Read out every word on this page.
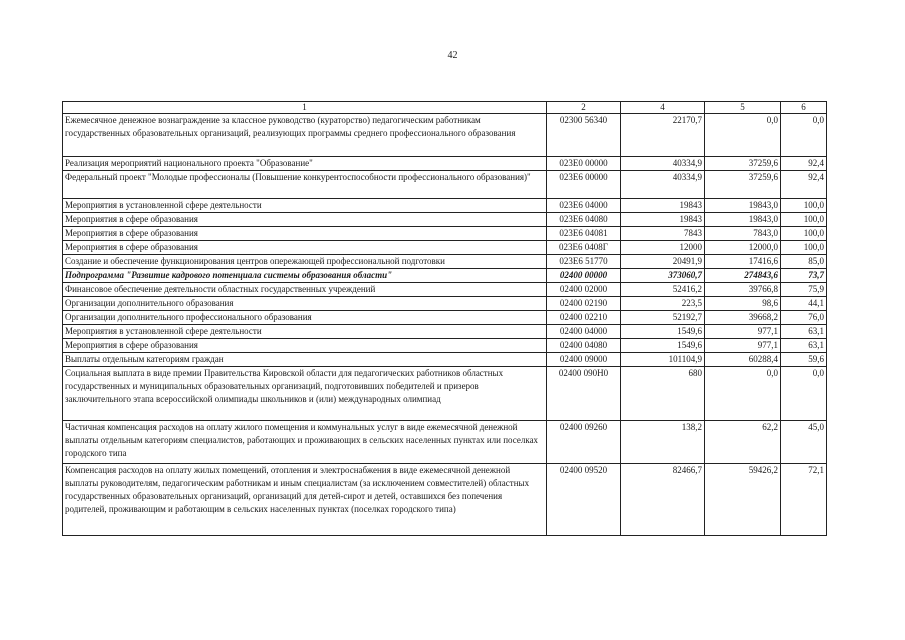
42
1	2	4	5	6
Ежемесячное денежное вознаграждение за классное руководство (кураторство) педагогическим работникам государственных образовательных организаций, реализующих программы среднего профессионального образования	02300 56340	22170,7	0,0	0,0
Реализация мероприятий национального проекта "Образование"	023Е0 00000	40334,9	37259,6	92,4
Федеральный проект "Молодые профессионалы (Повышение конкурентоспособности профессионального образования)"	023Е6 00000	40334,9	37259,6	92,4
Мероприятия в установленной сфере деятельности	023Е6 04000	19843	19843,0	100,0
Мероприятия в сфере образования	023Е6 04080	19843	19843,0	100,0
Мероприятия в сфере образования	023Е6 04081	7843	7843,0	100,0
Мероприятия в сфере образования	023Е6 0408Г	12000	12000,0	100,0
Создание и обеспечение функционирования центров опережающей профессиональной подготовки	023Е6 51770	20491,9	17416,6	85,0
Подпрограмма "Развитие кадрового потенциала системы образования области"	02400 00000	373060,7	274843,6	73,7
Финансовое обеспечение деятельности областных государственных учреждений	02400 02000	52416,2	39766,8	75,9
Организации дополнительного образования	02400 02190	223,5	98,6	44,1
Организации дополнительного профессионального образования	02400 02210	52192,7	39668,2	76,0
Мероприятия в установленной сфере деятельности	02400 04000	1549,6	977,1	63,1
Мероприятия в сфере образования	02400 04080	1549,6	977,1	63,1
Выплаты отдельным категориям граждан	02400 09000	101104,9	60288,4	59,6
Социальная выплата в виде премии Правительства Кировской области для педагогических работников областных государственных и муниципальных образовательных организаций, подготовивших победителей и призеров заключительного этапа всероссийской олимпиады школьников и (или) международных олимпиад	02400 090Н0	680	0,0	0,0
Частичная компенсация расходов на оплату жилого помещения и коммунальных услуг в виде ежемесячной денежной выплаты отдельным категориям специалистов, работающих и проживающих в сельских населенных пунктах или поселках городского типа	02400 09260	138,2	62,2	45,0
Компенсация расходов на оплату жилых помещений, отопления и электроснабжения в виде ежемесячной денежной выплаты руководителям, педагогическим работникам и иным специалистам (за исключением совместителей) областных государственных образовательных организаций, организаций для детей-сирот и детей, оставшихся без попечения родителей, проживающим и работающим в сельских населенных пунктах (поселках городского типа)	02400 09520	82466,7	59426,2	72,1
